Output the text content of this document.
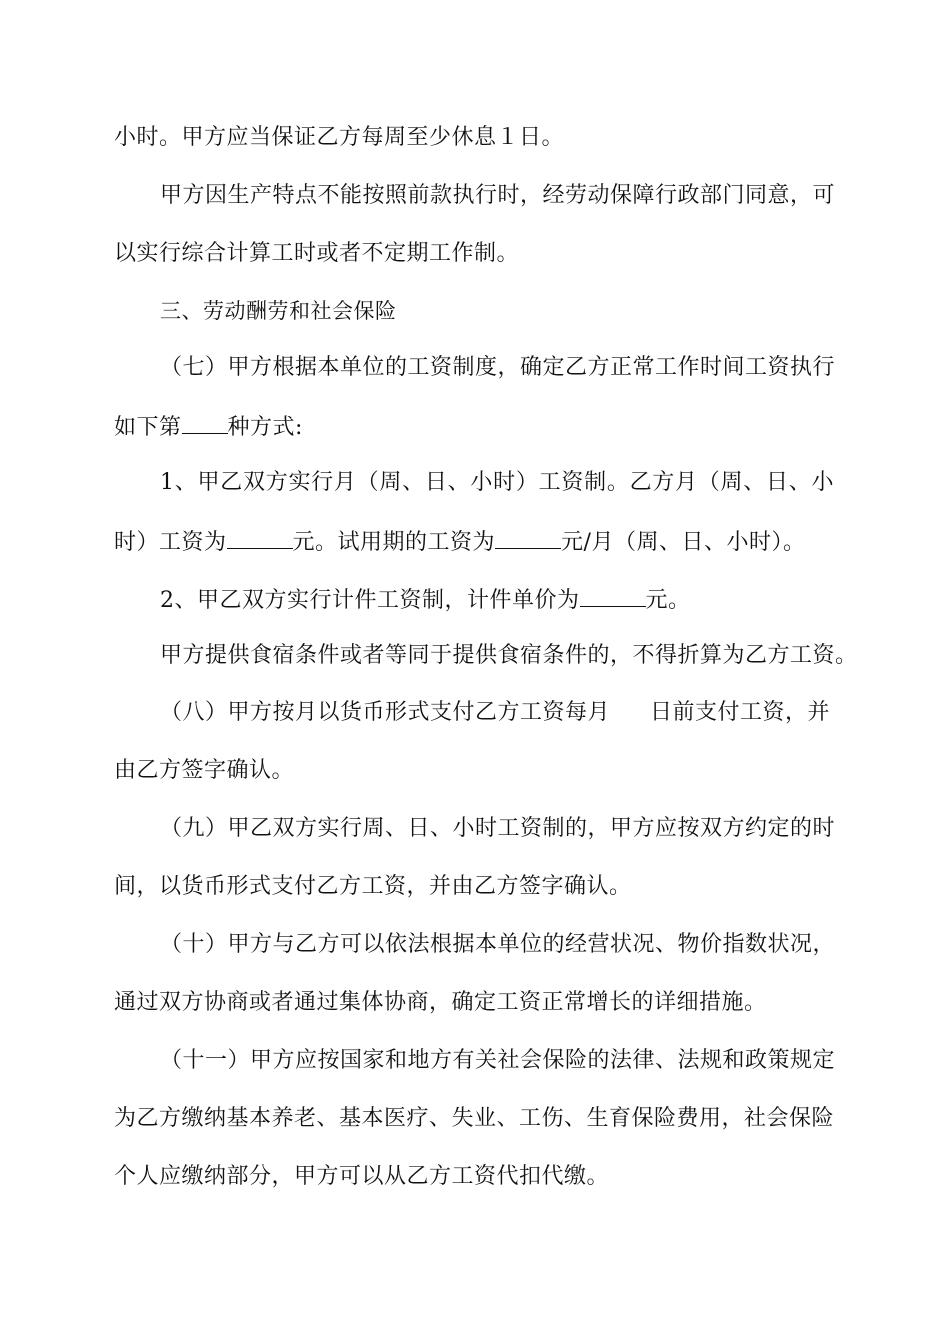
小时。甲方应当保证乙方每周至少休息１日。
甲方因生产特点不能按照前款执行时，经劳动保障行政部门同意，可
以实行综合计算工时或者不定期工作制。
三、劳动酬劳和社会保险
（七）甲方根据本单位的工资制度，确定乙方正常工作时间工资执行
如下第 种方式:
1、甲乙双方实行月（周、日、小时）工资制。乙方月（周、日、小
时）工资为	元。试用期的工资为	元/月（周、日、小时）。
2、甲乙双方实行计件工资制，计件单价为	元。
甲方提供食宿条件或者等同于提供食宿条件的，不得折算为乙方工资。
（八）甲方按月以货币形式支付乙方工资每月 日前支付工资，并
由乙方签字确认。
（九）甲乙双方实行周、日、小时工资制的，甲方应按双方约定的时
间，以货币形式支付乙方工资，并由乙方签字确认。
（十）甲方与乙方可以依法根据本单位的经营状况、物价指数状况，
通过双方协商或者通过集体协商，确定工资正常增长的详细措施。
（十一）甲方应按国家和地方有关社会保险的法律、法规和政策规定
为乙方缴纳基本养老、基本医疗、失业、工伤、生育保险费用，社会保险
个人应缴纳部分，甲方可以从乙方工资代扣代缴。
